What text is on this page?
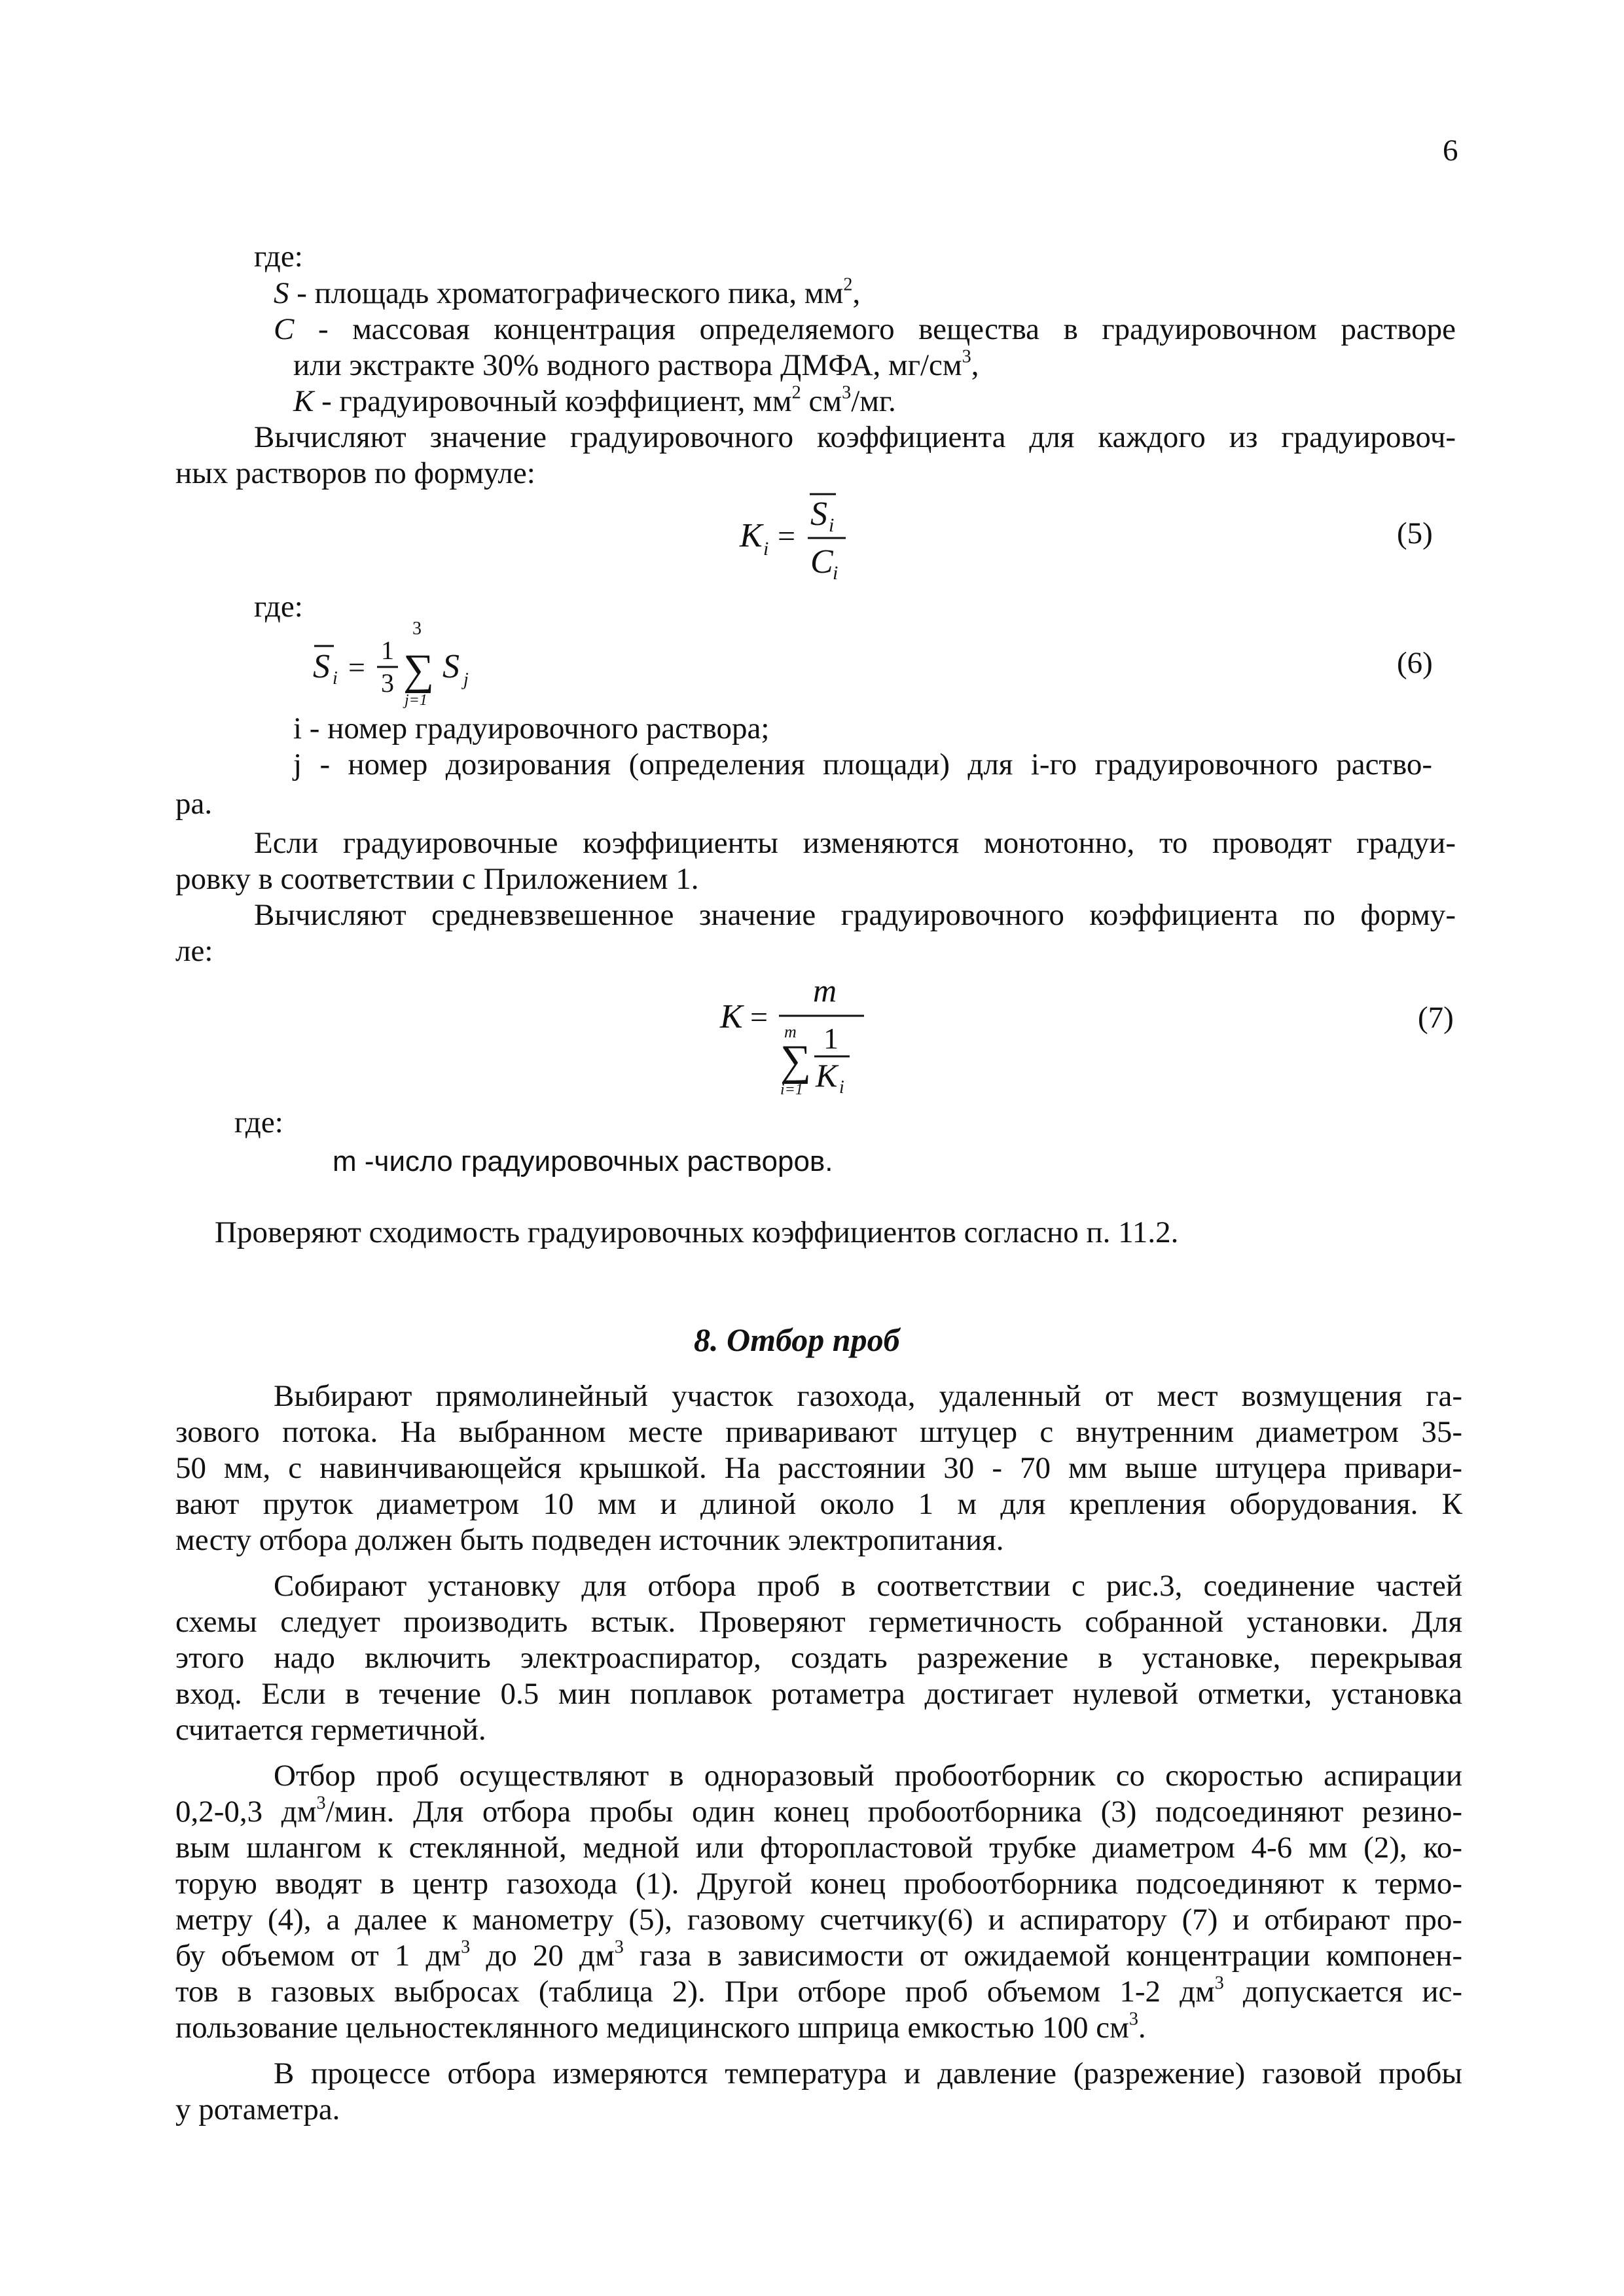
6
где:
S - площадь хроматографического пика, $мм^2$,
C - массовая концентрация определяемого вещества в градуировочном растворе
или экстракте 30% водного раствора ДМФА, $мг/см^3$,
K - градуировочный коэффициент, $мм^2$ $см^3/мг$.
Вычисляют значение градуировочного коэффициента для каждого из градуировоч-
ных растворов по формуле:
K i =
S i
C i
(5)
где:
S i =
1
3
3
∑
j=1
S j	(6)
i - номер градуировочного раствора;
j - номер дозирования (определения площади) для i-го градуировочного раство-
ра.
Если градуировочные коэффициенты изменяются монотонно, то проводят градуи-
ровку в соответствии с Приложением 1.
Вычисляют средневзвешенное значение градуировочного коэффициента по форму-
ле:
K =
m
m
∑
i=1
1
K i
(7)
где:
m -число градуировочных растворов.
Проверяют сходимость градуировочных коэффициентов согласно п. 11.2.
8. Отбор проб
Выбирают прямолинейный участок газохода, удаленный от мест возмущения га-
зового потока. На выбранном месте приваривают штуцер с внутренним диаметром 35-
50 мм, с навинчивающейся крышкой. На расстоянии 30 - 70 мм выше штуцера привари-
вают пруток диаметром 10 мм и длиной около 1 м для крепления оборудования. К
месту отбора должен быть подведен источник электропитания.
Собирают установку для отбора проб в соответствии с рис.3, соединение частей
схемы следует производить встык. Проверяют герметичность собранной установки. Для
этого надо включить электроаспиратор, создать разрежение в установке, перекрывая
вход. Если в течение 0.5 мин поплавок ротаметра достигает нулевой отметки, установка
считается герметичной.
Отбор проб осуществляют в одноразовый пробоотборник со скоростью аспирации
0,2-0,3 $дм^3$/мин. Для отбора пробы один конец пробоотборника (3) подсоединяют резино-
вым шлангом к стеклянной, медной или фторопластовой трубке диаметром 4-6 мм (2), ко-
торую вводят в центр газохода (1). Другой конец пробоотборника подсоединяют к термо-
метру (4), а далее к манометру (5), газовому счетчику(6) и аспиратору (7) и отбирают про-
бу объемом от 1 $дм^3$ до 20 $дм^3$ газа в зависимости от ожидаемой концентрации компонен-
тов в газовых выбросах (таблица 2). При отборе проб объемом 1-2 $дм^3$ допускается ис-
пользование цельностеклянного медицинского шприца емкостью 100 $см^3$.
В процессе отбора измеряются температура и давление (разрежение) газовой пробы
у ротаметра.
